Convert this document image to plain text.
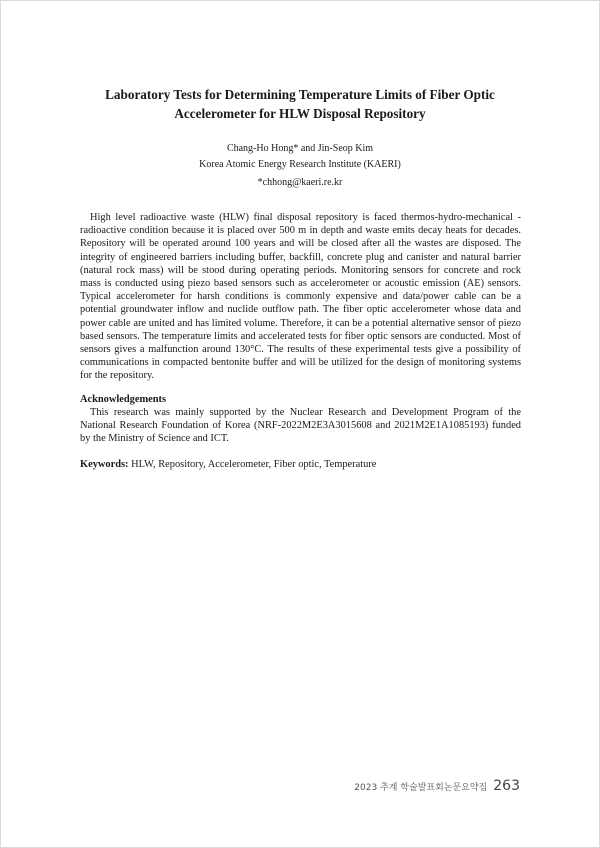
Laboratory Tests for Determining Temperature Limits of Fiber Optic
Accelerometer for HLW Disposal Repository
Chang-Ho Hong* and Jin-Seop Kim
Korea Atomic Energy Research Institute (KAERI)
*chhong@kaeri.re.kr

High level radioactive waste (HLW) final disposal repository is faced thermos-hydro-mechanical - radioactive condition because it is placed over 500 m in depth and waste emits decay heats for decades. Repository will be operated around 100 years and will be closed after all the wastes are disposed. The integrity of engineered barriers including buffer, backfill, concrete plug and canister and natural barrier (natural rock mass) will be stood during operating periods. Monitoring sensors for concrete and rock mass is conducted using piezo based sensors such as accelerometer or acoustic emission (AE) sensors. Typical accelerometer for harsh conditions is commonly expensive and data/power cable can be a potential groundwater inflow and nuclide outflow path. The fiber optic accelerometer whose data and power cable are united and has limited volume. Therefore, it can be a potential alternative sensor of piezo based sensors. The temperature limits and accelerated tests for fiber optic sensors are conducted. Most of sensors gives a malfunction around 130°C. The results of these experimental tests give a possibility of communications in compacted bentonite buffer and will be utilized for the design of monitoring systems for the repository.

Acknowledgements

This research was mainly supported by the Nuclear Research and Development Program of the National Research Foundation of Korea (NRF-2022M2E3A3015608 and 2021M2E1A1085193) funded by the Ministry of Science and ICT.

Keywords: HLW, Repository, Accelerometer, Fiber optic, Temperature
2023 추계 학술발표회논문요약집 263
